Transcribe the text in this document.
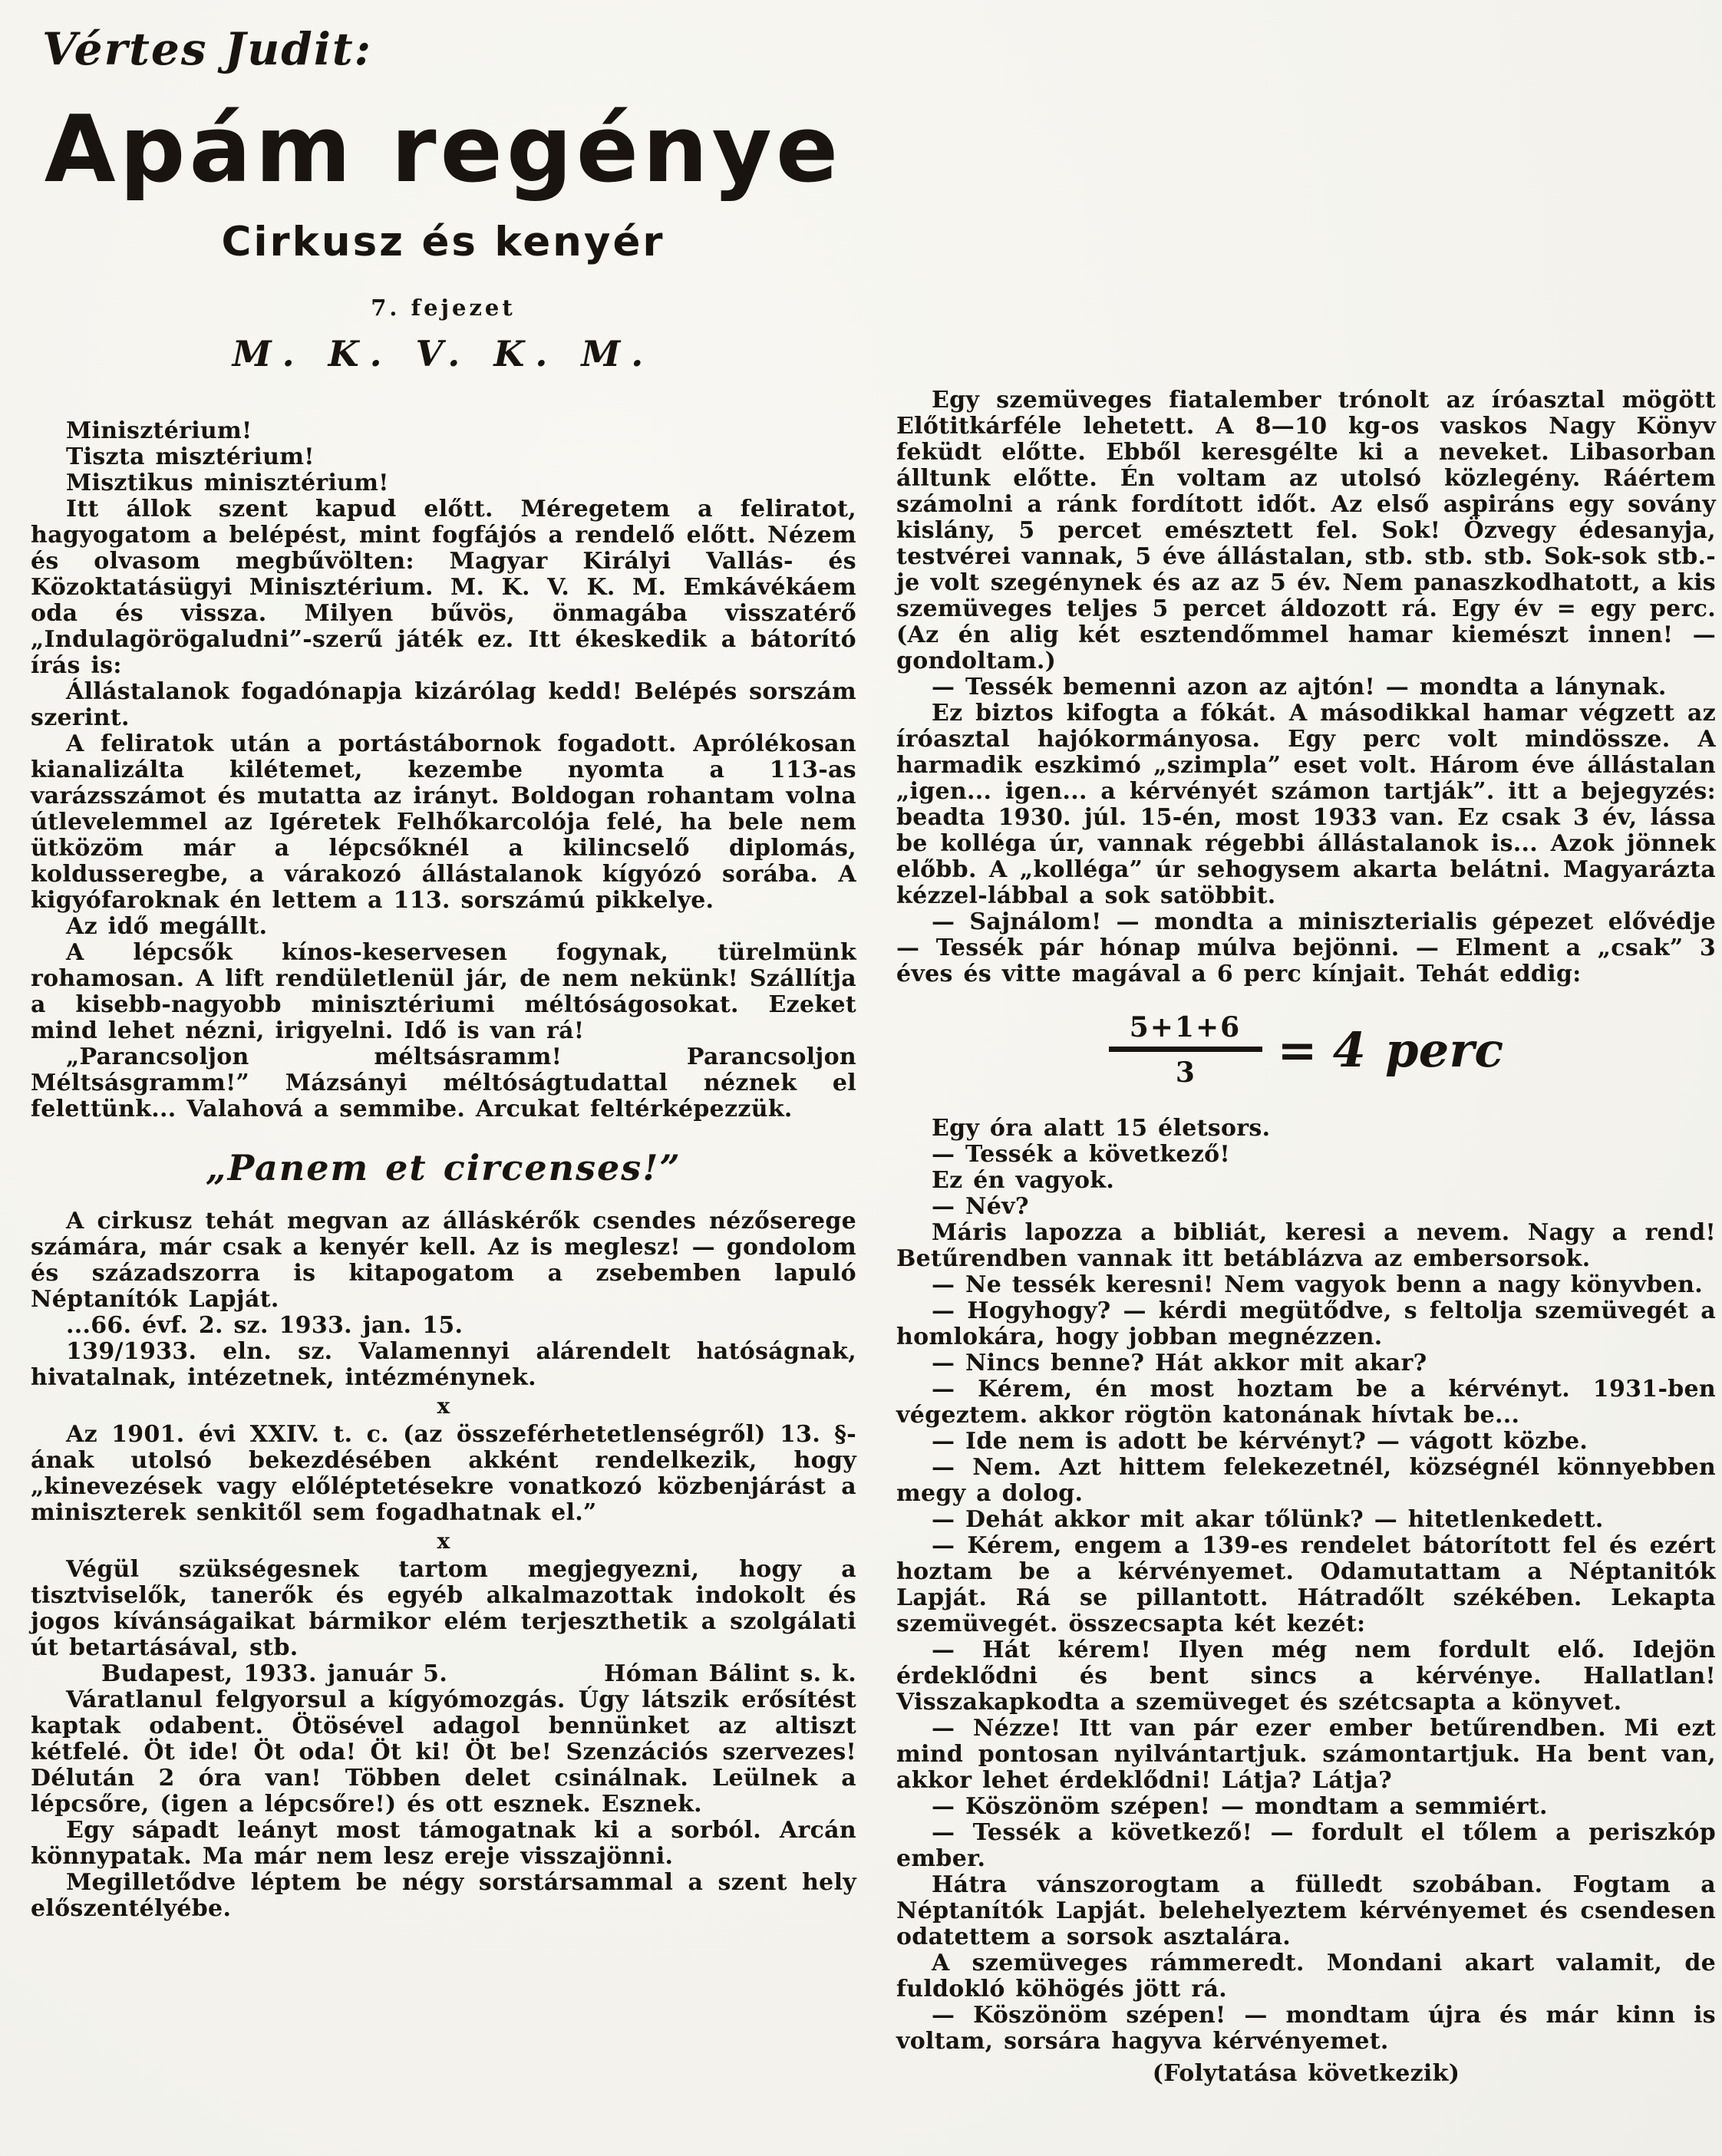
Vértes Judit:
Apám regénye
Cirkusz és kenyér
7. fejezet
M. K. V. K. M.

Minisztérium!

Tiszta misztérium!

Misztikus minisztérium!

Itt állok szent kapud előtt. Méregetem a feliratot, hagyogatom a belépést, mint fogfájós a rendelő előtt. Nézem és olvasom megbűvölten: Magyar Királyi Vallás- és Közoktatásügyi Minisztérium. M. K. V. K. M. Emkávékáem oda és vissza. Milyen bűvös, önmagába visszatérő „Indulagörögaludni”-szerű játék ez. Itt ékeskedik a bátorító írás is:

Állástalanok fogadónapja kizárólag kedd! Belépés sorszám szerint.

A feliratok után a portástábornok fogadott. Aprólékosan kianalizálta kilétemet, kezembe nyomta a 113-as varázsszámot és mutatta az irányt. Boldogan rohantam volna útlevelemmel az Igéretek Felhőkarcolója felé, ha bele nem ütközöm már a lépcsőknél a kilincselő diplomás, koldusseregbe, a várakozó állástalanok kígyózó sorába. A kigyófaroknak én lettem a 113. sorszámú pikkelye.

Az idő megállt.

A lépcsők kínos-keservesen fogynak, türelmünk rohamosan. A lift rendületlenül jár, de nem nekünk! Szállítja a kisebb-nagyobb minisztériumi méltóságosokat. Ezeket mind lehet nézni, irigyelni. Idő is van rá!

„Parancsoljon méltsásramm! Parancsoljon Méltsásgramm!” Mázsányi méltóságtudattal néznek el felettünk... Valahová a semmibe. Arcukat feltérképezzük.

„Panem et circenses!”

A cirkusz tehát megvan az álláskérők csendes nézőserege számára, már csak a kenyér kell. Az is meglesz! — gondolom és századszorra is kitapogatom a zsebemben lapuló Néptanítók Lapját.

...66. évf. 2. sz. 1933. jan. 15.

139/1933. eln. sz. Valamennyi alárendelt hatóságnak, hivatalnak, intézetnek, intézménynek.

x

Az 1901. évi XXIV. t. c. (az összeférhetetlenségről) 13. §-ának utolsó bekezdésében akként rendelkezik, hogy „kinevezések vagy előléptetésekre vonatkozó közbenjárást a miniszterek senkitől sem fogadhatnak el.”

x

Végül szükségesnek tartom megjegyezni, hogy a tisztviselők, tanerők és egyéb alkalmazottak indokolt és jogos kívánságaikat bármikor elém terjeszthetik a szolgálati út betartásával, stb.

Budapest, 1933. január 5.	Hóman Bálint s. k.

Váratlanul felgyorsul a kígyómozgás. Úgy látszik erősítést kaptak odabent. Ötösével adagol bennünket az altiszt kétfelé. Öt ide! Öt oda! Öt ki! Öt be! Szenzációs szervezes! Délután 2 óra van! Többen delet csinálnak. Leülnek a lépcsőre, (igen a lépcsőre!) és ott esznek. Esznek.

Egy sápadt leányt most támogatnak ki a sorból. Arcán könnypatak. Ma már nem lesz ereje visszajönni.

Megilletődve léptem be négy sorstársammal a szent hely előszentélyébe.

Egy szemüveges fiatalember trónolt az íróasztal mögött Előtitkárféle lehetett. A 8—10 kg-os vaskos Nagy Könyv feküdt előtte. Ebből keresgélte ki a neveket. Libasorban álltunk előtte. Én voltam az utolsó közlegény. Ráértem számolni a ránk fordított időt. Az első aspiráns egy sovány kislány, 5 percet emésztett fel. Sok! Özvegy édesanyja, testvérei vannak, 5 éve állástalan, stb. stb. stb. Sok-sok stb.-je volt szegénynek és az az 5 év. Nem panaszkodhatott, a kis szemüveges teljes 5 percet áldozott rá. Egy év = egy perc. (Az én alig két esztendőmmel hamar kiemészt innen! — gondoltam.)

— Tessék bemenni azon az ajtón! — mondta a lánynak.

Ez biztos kifogta a fókát. A másodikkal hamar végzett az íróasztal hajókormányosa. Egy perc volt mindössze. A harmadik eszkimó „szimpla” eset volt. Három éve állástalan „igen... igen... a kérvényét számon tartják”. itt a bejegyzés: beadta 1930. júl. 15-én, most 1933 van. Ez csak 3 év, lássa be kolléga úr, vannak régebbi állástalanok is... Azok jönnek előbb. A „kolléga” úr sehogysem akarta belátni. Magyarázta kézzel-lábbal a sok satöbbit.

— Sajnálom! — mondta a miniszterialis gépezet elővédje — Tessék pár hónap múlva bejönni. — Elment a „csak” 3 éves és vitte magával a 6 perc kínjait. Tehát eddig:

5+1+6
3 = 4 perc

Egy óra alatt 15 életsors.

— Tessék a következő!

Ez én vagyok.

— Név?

Máris lapozza a bibliát, keresi a nevem. Nagy a rend! Betűrendben vannak itt betáblázva az embersorsok.

— Ne tessék keresni! Nem vagyok benn a nagy könyvben.

— Hogyhogy? — kérdi megütődve, s feltolja szemüvegét a homlokára, hogy jobban megnézzen.

— Nincs benne? Hát akkor mit akar?

— Kérem, én most hoztam be a kérvényt. 1931-ben végeztem. akkor rögtön katonának hívtak be...

— Ide nem is adott be kérvényt? — vágott közbe.

— Nem. Azt hittem felekezetnél, községnél könnyebben megy a dolog.

— Dehát akkor mit akar tőlünk? — hitetlenkedett.

— Kérem, engem a 139-es rendelet bátorított fel és ezért hoztam be a kérvényemet. Odamutattam a Néptanitók Lapját. Rá se pillantott. Hátradőlt székében. Lekapta szemüvegét. összecsapta két kezét:

— Hát kérem! Ilyen még nem fordult elő. Idejön érdeklődni és bent sincs a kérvénye. Hallatlan! Visszakapkodta a szemüveget és szétcsapta a könyvet.

— Nézze! Itt van pár ezer ember betűrendben. Mi ezt mind pontosan nyilvántartjuk. számontartjuk. Ha bent van, akkor lehet érdeklődni! Látja? Látja?

— Köszönöm szépen! — mondtam a semmiért.

— Tessék a következő! — fordult el tőlem a periszkóp ember.

Hátra vánszorogtam a fülledt szobában. Fogtam a Néptanítók Lapját. belehelyeztem kérvényemet és csendesen odatettem a sorsok asztalára.

A szemüveges rámmeredt. Mondani akart valamit, de fuldokló köhögés jött rá.

— Köszönöm szépen! — mondtam újra és már kinn is voltam, sorsára hagyva kérvényemet.

(Folytatása következik)
